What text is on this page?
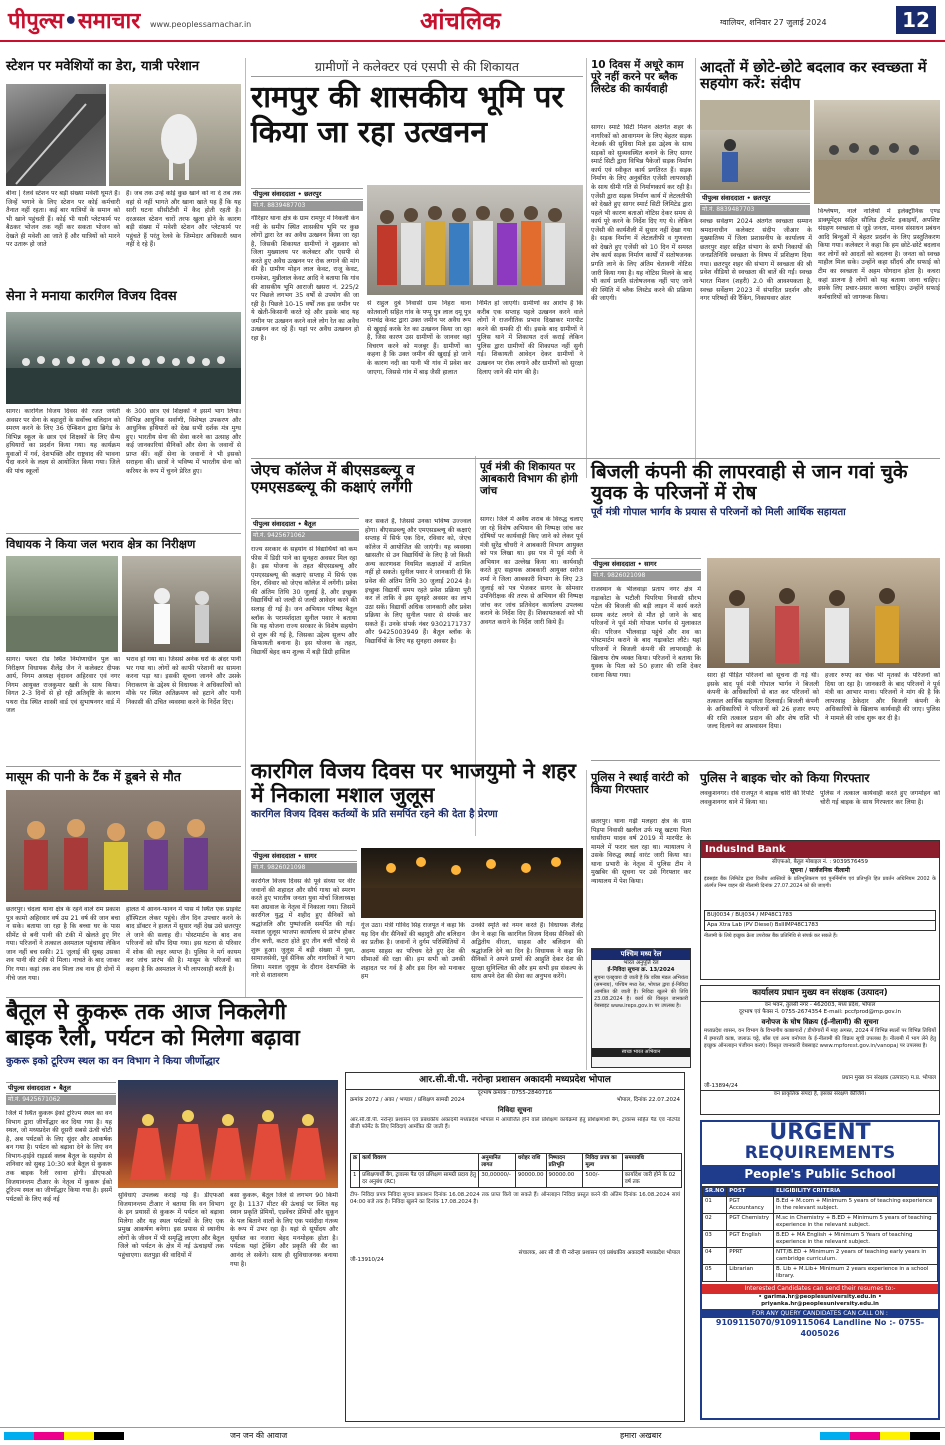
पीपुल्स•समाचार www.peoplessamachar.in	आंचलिक	ग्वालियर, शनिवार 27 जुलाई 2024	12
स्टेशन पर मवेशियों का डेरा, यात्री परेशान
बीना | रेलवे स्टेशन पर बड़ी संख्या मवेशी घूमते हैं। जिन्हें भगाने के लिए स्टेशन पर कोई कर्मचारी तैनात नहीं रहता। कई बार यात्रियों के समान को भी खाने पहुंचती हैं। कोई भी यात्री प्लेटफार्म पर बैठकर भोजन तक नहीं कर सकता भोजन को देखते ही मवेशी आ जाते हैं और यात्रियों को मारने पर उतारू हो जाते
हैं। जब तक उन्हें कोई कुछ खाने को ना दे तब तक वहां से नहीं भागते और खाना खाते यह हैं कि यह सारी घटना सीसीटीवी में कैद होती रहती है। दरअसल स्टेशन चारों तरफ खुला होने के कारण बड़ी संख्या में मवेशी स्टेशन और प्लेटफार्म पर पहुंचते हैं परंतु रेलवे के जिम्मेदार अधिकारी ध्यान नहीं दे रहे हैं।
सेना ने मनाया कारगिल विजय दिवस
सागर। कारगिल विजय दिवस की रजत जयंती अवसर पर सेना के बहादुरों के सर्वोच्च बलिदान को स्मरण करने के लिए 36 ऐम्बिशन द्वारा ब्रिगेड के विभिन्न स्कूल के छात्र एवं शिक्षकों के लिए सैन्य हथियारों का प्रदर्शन किया गया। यह कार्यक्रम युवाओं में गर्व, देशभक्ति और राष्ट्रवाद की भावना पैदा करने के लक्ष्य से आयोजित किया गया। जिले की पांच स्कूलों
के 300 छात्र एवं शिक्षकों ने इसमें भाग लिया। विभिन्न आधुनिक सर्वाणी, विशेषज्ञ उपकरण और आधुनिक हथियारों को देख सभी दर्शक मंत्र मुग्ध हुए। भारतीय सेना की सेवा करने का उत्साह और कई जानकारियां सैनिकों और सेना के जवानों से प्राप्त कीं। वहीं सेना के जवानों ने भी इसको सराहना की। छात्रों ने भविष्य में भारतीय सेना को करियर के रूप में चुनने प्रेरित हुए।
विधायक ने किया जल भराव क्षेत्र का निरीक्षण
सागर। पथरा रोड स्थित निर्माणाधीन पुल का निरीक्षण विधायक शैलेंद्र जैन ने कलेक्टर दीपक आर्य, निगम अध्यक्ष वृंदावन अहिरवार एवं नगर निगम आयुक्त राजकुमार खत्री के साथ किया। विगत 2-3 दिनों से हो रही अतिवृष्टि के कारण पथरा रोड स्थित शास्त्री वार्ड एवं सुभाषनगर वार्ड में जल
भराव हो गया था। जिससे अनेक घरों के अंदर पानी भर गया था। लोगों को काफी परेशानी का सामना करना पड़ा था। इसकी सूचना जानने और उसके निराकरण के उद्देश्य से विधायक ने अधिकारियों को मौके पर स्थित अतिक्रमण को हटाने और पानी निकासी की उचित व्यवस्था करने के निर्देश दिए।
मासूम की पानी के टैंक में डूबने से मौत
छतरपुर। चंदला थाना क्षेत्र के रहने वाले राम प्रकाश पुत्र कामो अहिरवार वर्ष उम्र 21 वर्ष की जान बचा न सके। बताया जा रहा है कि बच्चा घर के पास सीमेंट से बनी पानी की टंकी में खेलते हुए गिर गया। परिजनों ने तत्काल अस्पताल पहुंचाया लेकिन जान नहीं बच सकी। 21 जुलाई की सुबह उसका शव पानी की टंकी से मिला। नाचते के बाद जाकर गिर गया। कहां तक शव मिला तब नाथ ही दोनों में नीचे जल गया।
हालत में आनन-फानन में पास में स्थित एक प्राइवेट हॉस्पिटल लेकर पहुंचे। तीन दिन उपचार करने के बाद डॉक्टर ने हालत में सुधार नहीं देख उसे छतरपुर ले जाने की सलाह दी। पोस्टमार्टम के बाद शव परिजनों को सौंप दिया गया। इस घटना से परिवार में शोक की लहर व्याप्त है। पुलिस ने मर्ग कायम कर जांच प्रारंभ की है। मासूम के परिजनों का कहना है कि अस्पताल ने भी लापरवाही बरती है।
ग्रामीणों ने कलेक्टर एवं एसपी से की शिकायत
रामपुर की शासकीय भूमि पर किया जा रहा उत्खनन
पीपुल्स संवाददाता • छतरपुर
मो.नं. 8839487703
गौरिहार थाना क्षेत्र के ग्राम रामपुर में निकली केन नदी के समीप स्थित शासकीय भूमि पर कुछ लोगों द्वारा रेत का अवैध उत्खनन किया जा रहा है, जिसकी शिकायत ग्रामीणों ने शुक्रवार को जिला मुख्यालय पर कलेक्टर और एसपी से करते हुए अवैध उत्खनन पर रोक लगाने की मांग की है। ग्रामीण मोहन लाल केवट, राजू केवट, रामकेश, मुन्नीलाल केवट आदि ने बताया कि गांव की शासकीय भूमि आराजी खसरा नं. 225/2 पर पिछले लगभग 35 वर्षों से उपयोग की जा रही है। पिछले 10-15 वर्षों तक इस जमीन पर ये खेती-किसानी करते रहे और इसके बाद यह जमीन पर उत्खनन करने वाले लोग रेत का अवैध उत्खनन कर रहे हैं। यहां पर अवैध उत्खनन हो रहा है।
से राहुल दुबे निवासी ग्राम निहरा थाना कोतवाली सहित गांव के पप्पू पुत्र लाल दमू पुत्र रामचंद्र केवट द्वारा उक्त जमीन पर अवैध रूप से खुदाई करके रेत का उत्खनन किया जा रहा है, जिस कारण उस ग्रामीणों के जानवर वहां विचरण करने को मजबूर हैं। ग्रामीणों का कहना है कि उक्त जमीन की खुदाई हो जाने के कारण नदी का पानी भी गांव में प्रवेश कर जाएगा, जिससे गांव में बाढ़ जैसी हालात
निर्मित हो जाएगी। ग्रामीणों का आरोप है कि करीब एक सप्ताह पहले उत्खनन करने वाले लोगों ने राजनीतिक प्रभाव दिखाकर मारपीट करने की धमकी दी थी। इसके बाद ग्रामीणों ने पुलिस थाने में शिकायत दर्ज कराई लेकिन पुलिस द्वारा ग्रामीणों की शिकायत नहीं सुनी गई। शिकायती आवेदन देकर ग्रामीणों ने उत्खनन पर रोक लगाने और ग्रामीणों को सुरक्षा दिलाए जाने की मांग की है।
10 दिवस में अधूरे काम पूरे नहीं करने पर ब्लैक लिस्टेड की कार्यवाही
सागर। स्मार्ट सिटी मिशन अंतर्गत शहर के नागरिकों को आवागमन के लिए बेहतर सड़क नेटवर्क की सुविधा मिले इस उद्देश्य के साथ सड़कों को सुव्यवस्थित बनाने के लिए सागर स्मार्ट सिटी द्वारा विभिन्न पैकेजों सड़क निर्माण कार्य एवं स्वीकृत कार्य प्रगतिरत हैं। सड़क निर्माण के लिए अनुबंधित एजेंसी लापरवाही के साथ धीमी गति से निर्माणकार्य कर रही है। एजेंसी द्वारा सड़क निर्माण कार्य में लेटलतीफी को देखते हुए सागर स्मार्ट सिटी लिमिटेड द्वारा पहले भी कारण बताओ नोटिस देकर समय से कार्य पूरे करने के निर्देश दिए गए थे। लेकिन एजेंसी की कार्यशैली में सुधार नहीं देखा गया है। सड़क निर्माण में लेटलतीफी व गुणवत्ता को देखते हुए एजेंसी को 10 दिन में समस्त शेष कार्य सड़क निर्माण कार्यों में सतोषजनक प्रगति लाने के लिए अंतिम चेतावनी नोटिस जारी किया गया है। यह नोटिस मिलने के बाद भी कार्य प्रगति संतोषजनक नहीं पाए जाने की स्थिति में ब्लैक लिस्टेड करने की प्रक्रिया की जाएगी।
आदतों में छोटे-छोटे बदलाव कर स्वच्छता में सहयोग करें: संदीप
पीपुल्स संवाददाता • छतरपुर
मो.नं. 8839487703
स्वच्छ सर्वेक्षण 2024 अंतर्गत स्वच्छता सम्मान श्रमदानाधीन कलेक्टर संदीप जीआर के मुख्यातिथ्य में जिला प्रशासनीय के कार्यालय में छतरपुर शहर सहित संभाग के सभी निकायों की जनप्रतिनिधि स्वच्छता के विषय में प्रशिक्षण दिया गया। छतरपुर शहर की संभाग में स्वच्छता की श्री प्रवेश वीडियो से स्वच्छता की बातें की गईं। स्वच्छ भारत मिशन (शहरी) 2.0 की आवश्यकता है, स्वच्छ सर्वेक्षण 2023 में संपादित प्रदर्शन और नगर परिषदों की रैंकिंग, निकायवार अंतर
विश्लेषण, नाले नालियों में इलेक्ट्रॉनिक एण्ड डाक्यूमेंट्स सहित सौलिड ट्रीटमेंट इकाइयाँ, अपशिष्ट संग्रहण स्वच्छता से जुड़े जनता, मानव संसाधन प्रबंधन आदि बिन्दुओं में बेहतर प्रदर्शन के लिए प्रस्तुतिकरण किया गया। कलेक्टर ने कहा कि हम छोटे-छोटे बदलाव कर लोगों को आदतों को बदलना है। जनता को स्वच्छ माहौल मिल सके। उन्होंने कहा सौंदर्य और सफाई को टीम का स्वच्छता में अहम योगदान होता है। कचरा कहां डालना है लोगों को यह बताया जाना चाहिए। इसके लिए प्रचार-प्रसार करना चाहिए। उन्होंने सफाई कर्मचारियों को जागरूक किया।
जेएच कॉलेज में बीएसडब्ल्यू व एमएसडब्ल्यू की कक्षाएं लगेंगी
पीपुल्स संवाददाता • बैतूल
मो.नं. 9425671062
राज्य सरकार के सहयोग से विद्यार्थियों को कम फीस में डिग्री पाने का सुनहरा अवसर मिल रहा है। इस योजना के तहत बीएसडब्ल्यू और एमएसडब्ल्यू की कक्षाएं सप्ताह में सिर्फ एक दिन, रविवार को जेएच कॉलेज में लगेंगी। प्रवेश की अंतिम तिथि 30 जुलाई है, और इच्छुक विद्यार्थियों को जल्दी से जल्दी आवेदन करने की सलाह दी गई है। जन अभियान परिषद बैतूल ब्लॉक के परामर्शदाता सुनील पवार ने बताया कि यह योजना राज्य सरकार के विशेष सहयोग से शुरू की गई है, जिसका उद्देश्य सुलभ और किफायती बनाना है। इस योजना के तहत, विद्यार्थी बेहद कम शुल्क में बड़ी डिग्री हासिल
कर सकते हैं, जिससे उनका भविष्य उज्ज्वल होगा। बीएसडब्ल्यू और एमएसडब्ल्यू की कक्षाएं सप्ताह में सिर्फ एक दिन, रविवार को, जेएच कॉलेज में आयोजित की जाएंगी। यह व्यवस्था खासतौर से उन विद्यार्थियों के लिए है जो किसी अन्य कारणवश नियमित कक्षाओं में शामिल नहीं हो सकते। सुनील पवार ने जानकारी दी कि प्रवेश की अंतिम तिथि 30 जुलाई 2024 है। इच्छुक विद्यार्थी समय रहते प्रवेश प्रक्रिया पूरी कर लें ताकि वे इस सुनहरे अवसर का लाभ उठा सकें। विद्यार्थी अधिक जानकारी और प्रवेश प्रक्रिया के लिए सुनील पवार से संपर्क कर सकते हैं। उनके संपर्क नंबर 9302171737 और 9425003949 हैं। बैतूल ब्लॉक के विद्यार्थियों के लिए यह सुनहरा अवसर है।
पूर्व मंत्री की शिकायत पर आबकारी विभाग की होगी जांच
सागर। जिले में अवैध शराब के विरुद्ध चलाए जा रहे विशेष अभियान की निष्पक्ष जांच कर दोषियों पर कार्यवाही किए जाने को लेकर पूर्व मंत्री सुरेंद्र चौधरी ने आबकारी विभाग आयुक्त को पत्र लिखा था। इस पत्र में पूर्व मंत्री ने अभियान का उल्लेख किया था। कार्यवाही करते हुए सहायक आबकारी आयुक्त सरोज शर्मा ने जिला आबकारी विभाग के लिए 23 जुलाई को पत्र भेजकर सागर के सोमवार उपनिरीक्षक की तरफ से अभियान की निष्पक्ष जांच कर जांच प्रतिवेदन कार्यालय उपलब्ध कराने के निर्देश दिए हैं। शिकायतकर्ता को भी अवगत कराने के निर्देश जारी किये हैं।
बिजली कंपनी की लापरवाही से जान गवां चुके युवक के परिजनों में रोष
पूर्व मंत्री गोपाल भार्गव के प्रयास से परिजनों को मिली आर्थिक सहायता
पीपुल्स संवाददाता • सागर
मो.नं. 9826021098
राजस्थान के भीलवाड़ा प्रताप नगर क्षेत्र में गढ़ाकोटा के भटौली पिपरिया निवासी सौरभ पटेल की बिजली की बड़ी लाइन में कार्य करते समय करंट लगने से मौत हो जाने के बाद परिजनों ने पूर्व मंत्री गोपाल भार्गव से मुलाकात की। परिजन भीलवाड़ा पहुंचे और शव का पोस्टमार्टम कराने के बाद गढ़ाकोटा लौटे। यहां परिजनों ने बिजली कंपनी की लापरवाही के खिलाफ रोष व्यक्त किया। परिजनों ने बताया कि युवक के पिता को 50 हजार की राशि देकर रवाना किया गया।	सारा ही पीड़ित परिजनों को सूचना दी गई थी। इसके बाद पूर्व मंत्री गोपाल भार्गव ने बिजली कंपनी के अधिकारियों से बात कर परिजनों को तत्काल आर्थिक सहायता दिलवाई। बिजली कंपनी के अधिकारियों ने परिजनों को 26 हजार रुपए की राशि तत्काल प्रदान की और शेष राशि भी जल्द दिलाने का आश्वासन दिया।
हजार रुपए का चेक भी मृतकों के परिजनों को दिया जा रहा है। जानकारी के बाद परिजनों ने पूर्व मंत्री का आभार माना। परिजनों ने मांग की है कि लापरवाह ठेकेदार और बिजली कंपनी के अधिकारियों के खिलाफ कार्यवाही की जाए। पुलिस ने मामले की जांच शुरू कर दी है।
कारगिल विजय दिवस पर भाजयुमो ने शहर में निकाला मशाल जुलूस
कारगिल विजय दिवस कर्तव्यों के प्रति समर्पित रहने की देता है प्रेरणा
पीपुल्स संवाददाता • सागर
मो.नं. 9826021098
कारगिल विजय दिवस की पूर्व संध्या पर वीर जवानों की शहादत और सौर्य गाथा को स्मरण करते हुए भारतीय जनता युवा मोर्चा जिलाध्यक्ष यश अग्रवाल के नेतृत्व में निकाला गया। जिसमें कारगिल युद्ध में शहीद हुए सैनिकों को श्रद्धांजलि और पुष्पांजलि समर्पित की गई। मशाल जुलूस भाजपा कार्यालय से प्रारंभ होकर तीन बत्ती, कटरा होते हुए तीन बत्ती चौराहे से शुरू हुआ। जुलूस में बड़ी संख्या में युवा, सामाजसेवी, पूर्व सैनिक और नागरिकों ने भाग लिया। मशाल जुलूस के दौरान देशभक्ति के नारे से वातावरण
गूंज उठा। मंत्री गोविंद सिंह राजपूत ने कहा कि यह दिन वीर सैनिकों की बहादुरी और बलिदान का प्रतीक है। जवानों ने दुर्गम परिस्थितियों में अदम्य साहस का परिचय देते हुए देश की सीमाओं की रक्षा की। हम सभी को उनकी शहादत पर गर्व है और इस दिन को मनाकर हम
उनकी स्मृति को नमन करते हैं। विधायक शैलेंद्र जैन ने कहा कि कारगिल विजय दिवस सैनिकों की अद्वितीय वीरता, साहस और बलिदान की श्रद्धांजलि देने का दिन है। विधायक ने कहा कि सैनिकों ने अपने प्राणों की आहुति देकर देश की सुरक्षा सुनिश्चित की और हम सभी इस संकल्प के साथ अपने देश की सेवा का अनुभव करेंगे।
पुलिस ने स्थाई वारंटी को किया गिरफ्तार
छतरपुर। थाना गढ़ी मलहरा क्षेत्र के ग्राम पिड़पा निवासी खलील उर्फ मन्नू खटया पिता घासीराम यादव वर्ष 2019 में मारपीट के मामले में फरार चल रहा था। न्यायालय ने उसके विरुद्ध स्थाई वारंट जारी किया था। थाना प्रभारी के नेतृत्व में पुलिस टीम ने मुखबिर की सूचना पर उसे गिरफ्तार कर न्यायालय में पेश किया।
पुलिस ने बाइक चोर को किया गिरफ्तार
लवकुशनगर। रवि राजपूत ने बाइक चोरी की रिपोर्ट लवकुशनगर थाने में किया था।
पुलिस ने तत्काल कार्यवाही करते हुए जगमोहन को चोरी गई बाइक के साथ गिरफ्तार कर लिया है।
पश्चिम मध्य रेल
भारत अनुपूर्ति रेल
ई-निविदा सूचना क्र. 13/2024
सूचना एतद्द्वारा दी जाती है कि वरिष्ठ मंडल अभियंता (समन्वय), पश्चिम मध्य रेल, भोपाल द्वारा ई-निविदा आमंत्रित की जाती है। निविदा खुलने की तिथि 23.08.2024 है। कार्य की विस्तृत जानकारी वेबसाइट www.ireps.gov.in पर उपलब्ध है।
स्वच्छ भारत अभियान
IndusInd Bank
सीएफओ, बैतूल मोबाइल नं. : 9039576459
सूचना / सार्वजनिक नीलामी
इंडसइंड बैंक लिमिटेड द्वारा वित्तीय आस्तियों के प्रतिभूतिकरण एवं पुनर्निर्माण एवं प्रतिभूति हित प्रवर्तन अधिनियम 2002 के अंतर्गत निम्न वाहन की नीलामी दिनांक 27.07.2024 को की जाएगी।
BUJ0034 / BUJ034 / MP48C1783
Apa Xtra Lab (PV Diesel) BsIIIMP48C1783
नीलामी के लिये इच्छुक क्रेता उपरोक्त बैंक प्रतिनिधि से संपर्क कर सकते हैं।
कार्यालय प्रधान मुख्य वन संरक्षक (उत्पादन)
वन भवन, तुलसी नगर - 462003, मध्य प्रदेश, भोपाल
दूरभाष एवं फैक्स नं. 0755-2674354 E-mail: pccfprod@mp.gov.in
वनोपज के घोष विक्रय (ई-नीलामी) की सूचना
मध्यप्रदेश शासन, वन विभाग के विभागीय काष्ठागारों / डीपोगारों में माह अगस्त, 2024 में विभिन्न स्थलों पर विभिन्न तिथियों में इमारती काष्ठ, जलाऊ चट्टे, बाँस एवं अन्य वनोपज के ई-नीलामी की विक्रय सूची उपलब्ध है। नीलामी में भाग लेने हेतु इच्छुक ऑनलाइन पंजीयन कराएं। विस्तृत जानकारी वेबसाइट www.mpforest.gov.in/vanopaj पर उपलब्ध है।
प्रधान मुख्य वन संरक्षक (उत्पादन) म.प्र. भोपाल
जी-13894/24
वन प्राकृतिक संपदा है, इसका संरक्षण कीजिये।
बैतूल से कुकरू तक आज निकलेगी बाइक रैली, पर्यटन को मिलेगा बढ़ावा
कुकरू इको टूरिज्म स्थल का वन विभाग ने किया जीर्णोद्धार
पीपुल्स संवाददाता • बैतूल
मो.नं. 9425671062
जिले में स्थित कुकरू ईको टूरिज्म स्थल का वन विभाग द्वारा जीर्णोद्धार कर दिया गया है। यह स्थल, जो मध्यप्रदेश की दूसरी सबसे ऊंची चोटी है, अब पर्यटकों के लिए सुंदर और आकर्षक बन गया है। पर्यटन को बढ़ावा देने के लिए वन विभाग-हाईवे राइडर्स क्लब बैतूल के सहयोग से शनिवार को सुबह 10:30 बजे बैतूल से कुकरू तक बाइक रैली रवाना होगी। डीएफओ विजयानन्तम टीआर के नेतृत्व में कुकरू ईको टूरिज्म स्थल का जीर्णोद्धार किया गया है। इसमें पर्यटकों के लिए कई नई
सुविधाएं उपलब्ध कराई गई हैं। डीएफओ विजयानन्तम टीआर ने बताया कि वन विभाग के इन प्रयासों से कुकरू में पर्यटन को बढ़ावा मिलेगा और यह स्थल पर्यटकों के लिए एक प्रमुख आकर्षण बनेगा। इस प्रयास से स्थानीय लोगों के जीवन में भी समृद्धि लाएगा और बैतूल जिले को पर्यटन के क्षेत्र में नई ऊंचाइयों तक पहुंचाएगा। सतपुड़ा की वादियों में
बसा कुकरू, बैतूल जिले से लगभग 90 किमी दूर है। 1137 मीटर की ऊंचाई पर स्थित यह स्थान प्रकृति प्रेमियों, एडवेंचर प्रेमियों और सुकून के पल बिताने वालों के लिए एक पसंदीदा गंतव्य के रूप में उभर रहा है। यहां से सूर्योदय और सूर्यास्त का नजारा बेहद मनमोहक होता है। पर्यटक यहां ट्रेकिंग और प्रकृति की सैर का आनंद ले सकेंगे। साथ ही सुविधाजनक बनाया गया है।
आर.सी.वी.पी. नरोन्हा प्रशासन अकादमी मध्यप्रदेश भोपाल
दूरभाष क्रमांक : 0755-2840716
क्रमांक 2072 / अका / भण्डार / प्रशिक्षण सामग्री 2024	भोपाल, दिनांक 22.07.2024
निविदा सूचना
आर.सी.वी.पी. नरोन्हा प्रशासन एवं प्रबंधकीय अकादमी मध्यप्रदेश भोपाल में आयोजित होने वाले प्रशिक्षण कार्यक्रमों हेतु प्रशिक्षणार्थी बैग, ट्रावल्स सहित पैड एवं नोटपेड बीजी फॉर्मेट के लिए निविदाएं आमंत्रित की जाती हैं।
क्र	कार्य विवरण	अनुमानित लागत	धरोहर राशि	निष्पादन प्रतिभूति	निविदा प्रपत्र का मूल्य	समयावधि
1	प्रशिक्षणार्थी बैग, ट्रावल्स पैड एवं प्रशिक्षण सामग्री प्रदाय हेतु दर अनुबंध (RC)	30,00000/-	90000.00	90000.00	500/-	कार्यादेश जारी होने के 02 वर्ष तक
टीप- निविदा प्रपत्र निविदा सूचना प्रकाशन दिनांक 16.08.2024 तक प्राप्त किये जा सकते हैं। ऑनलाइन निविदा प्रस्तुत करने की अंतिम दिनांक 16.08.2024 सायं 04:00 बजे तक है। निविदा खुलने का दिनांक 17.08.2024 है।
संचालक, आर सी वी पी नरोन्हा प्रशासन एवं प्रबंधकीय अकादमी मध्यप्रदेश भोपाल
जी-13910/24
URGENT
REQUIREMENTS
People's Public School
SR.NO	POST	ELIGIBILITY CRITERIA
01	PGT Accountancy	B.Ed + M.com + Minimum 5 years of teaching experience in the relevant subject.
02	PGT Chemistry	M.sc in Chemistry + B.ED + Minimum 5 years of teaching experience in the relevant subject.
03	PGT English	B.ED + MA English + Minimum 5 Years of teaching experience in the relevant subject.
04	PPRT	NTT/B.ED + Minimum 2 years of teaching early years in cambridge curriculum.
05	Librarian	B. Lib + M.Lib+ Minimum 2 years experience in a school library.
Interested Candidates can send their resumes to:-
• garima.hr@peoplesuniversity.edu.in • priyanka.hr@peoplesuniversity.edu.in
FOR ANY QUERY CANDIDATES CAN CALL ON :
9109115070/9109115064 Landline No :- 0755-4005026
जन जन की आवाज	हमारा अखबार
